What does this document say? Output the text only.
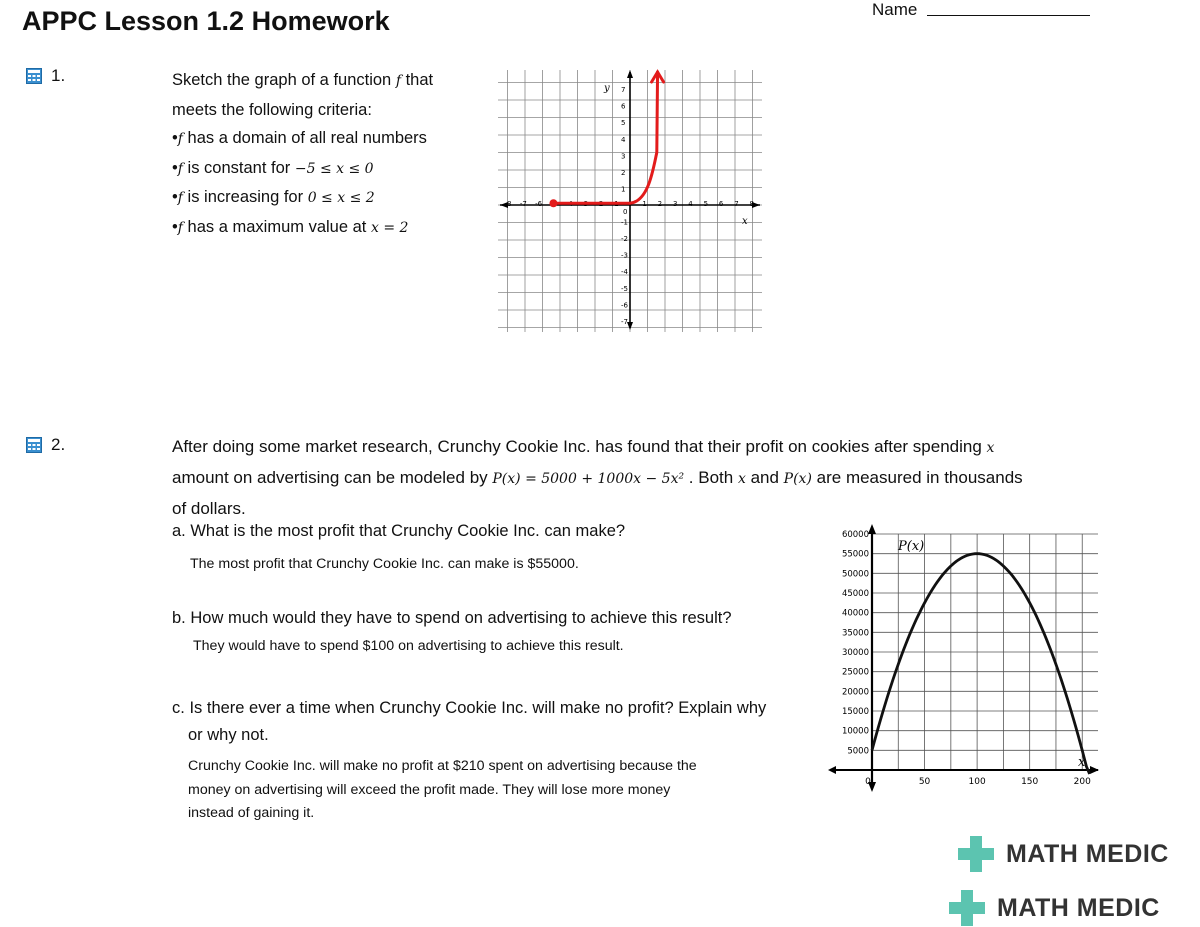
APPC Lesson 1.2 Homework	Name
1.	Sketch the graph of a function f that
meets the following criteria:
•f has a domain of all real numbers
•f is constant for −5 ≤ x ≤ 0
•f is increasing for 0 ≤ x ≤ 2
•f has a maximum value at x = 2
-8 -7 -6	-4 -3 -2 -1
0
1 2 3 4 5 6 7 8
7
6
5
4
3
2
1
-1
-2
-3
-4
-5
-6
-7
x
y
2.	After doing some market research, Crunchy Cookie Inc. has found that their profit on cookies after spending x
amount on advertising can be modeled by P(x) = 5000 + 1000x − 5x² . Both x and P(x) are measured in thousands
of dollars.
a. What is the most profit that Crunchy Cookie Inc. can make?
The most profit that Crunchy Cookie Inc. can make is $55000.
b. How much would they have to spend on advertising to achieve this result?
They would have to spend $100 on advertising to achieve this result.
c. Is there ever a time when Crunchy Cookie Inc. will make no profit? Explain why
or why not.
Crunchy Cookie Inc. will make no profit at $210 spent on advertising because the
money on advertising will exceed the profit made. They will lose more money
instead of gaining it.
5000
10000
15000
20000
25000
30000
35000
40000
45000
50000
55000
60000
0	50	100	150	200
P(x)
x
MATH MEDIC
MATH MEDIC
